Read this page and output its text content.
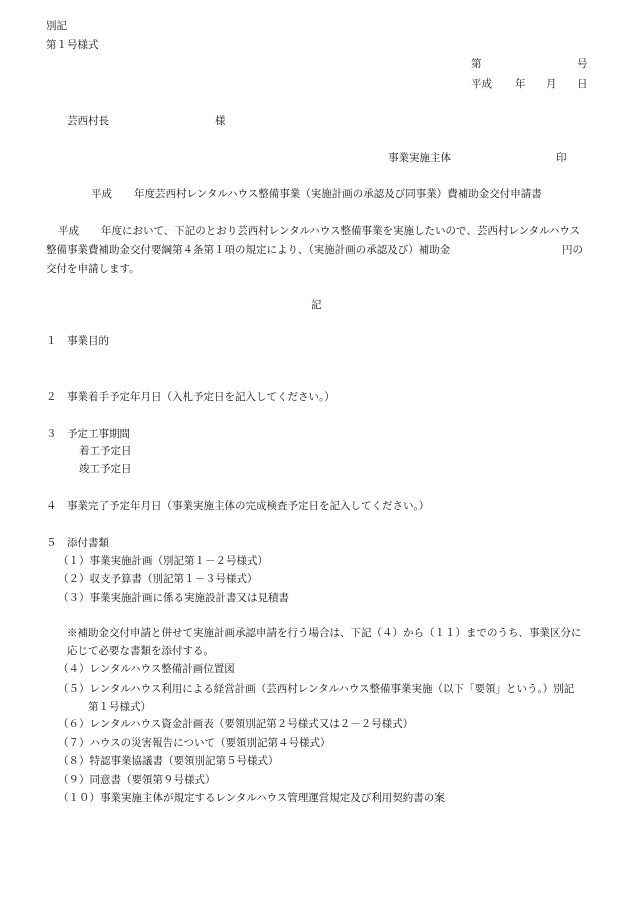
別記
第１号様式
第	号
平成 年 月 日
芸西村長	様
事業実施主体	印
平成 年度芸西村レンタルハウス整備事業（実施計画の承認及び同事業）費補助金交付申請書
平成 年度において、下記のとおり芸西村レンタルハウス整備事業を実施したいので、芸西村レンタルハウス
整備事業費補助金交付要綱第４条第１項の規定により、（実施計画の承認及び）補助金	円の
交付を申請します。
記
１　事業目的
２　事業着手予定年月日（入札予定日を記入してください。）
３　予定工事期間
着工予定日
竣工予定日
４　事業完了予定年月日（事業実施主体の完成検査予定日を記入してください。）
５　添付書類
（１）事業実施計画（別記第１－２号様式）
（２）収支予算書（別記第１－３号様式）
（３）事業実施計画に係る実施設計書又は見積書
※補助金交付申請と併せて実施計画承認申請を行う場合は、下記（４）から（１１）までのうち、事業区分に
応じて必要な書類を添付する。
（４）レンタルハウス整備計画位置図
（５）レンタルハウス利用による経営計画（芸西村レンタルハウス整備事業実施（以下「要領」という。）別記
第１号様式）
（６）レンタルハウス資金計画表（要領別記第２号様式又は２－２号様式）
（７）ハウスの災害報告について（要領別記第４号様式）
（８）特認事業協議書（要領別記第５号様式）
（９）同意書（要領第９号様式）
（１０）事業実施主体が規定するレンタルハウス管理運営規定及び利用契約書の案
